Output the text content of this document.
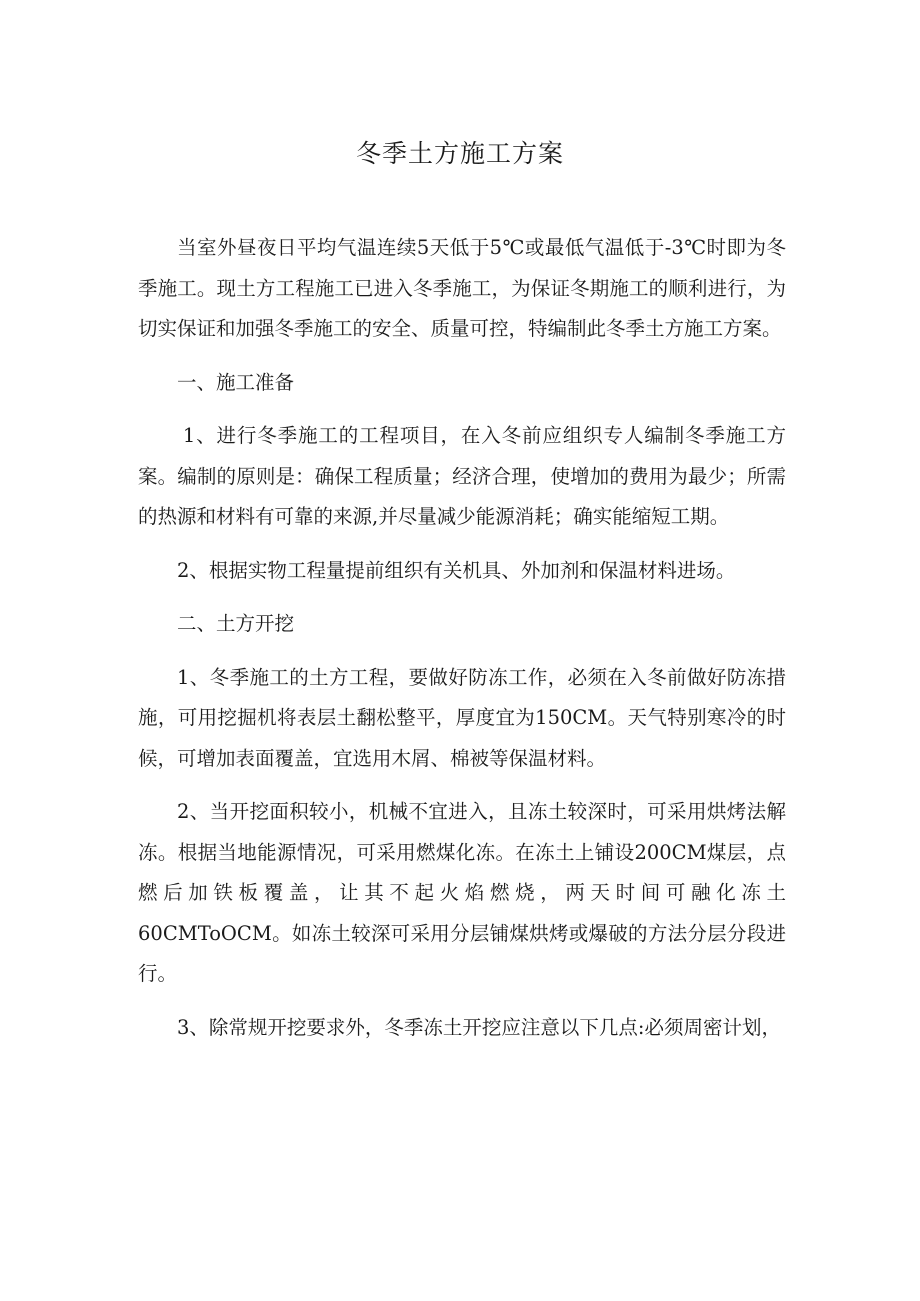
冬季土方施工方案

当室外昼夜日平均气温连续5天低于5℃或最低气温低于-3℃时即为冬季施工。现土方工程施工已进入冬季施工，为保证冬期施工的顺利进行，为切实保证和加强冬季施工的安全、质量可控，特编制此冬季土方施工方案。

一、施工准备

1、进行冬季施工的工程项目，在入冬前应组织专人编制冬季施工方案。编制的原则是：确保工程质量；经济合理，使增加的费用为最少；所需的热源和材料有可靠的来源,并尽量减少能源消耗；确实能缩短工期。

2、根据实物工程量提前组织有关机具、外加剂和保温材料进场。

二、土方开挖

1、冬季施工的土方工程，要做好防冻工作，必须在入冬前做好防冻措施，可用挖掘机将表层土翻松整平，厚度宜为150CM。天气特别寒冷的时候，可增加表面覆盖，宜选用木屑、棉被等保温材料。

2、当开挖面积较小，机械不宜进入，且冻土较深时，可采用烘烤法解冻。根据当地能源情况，可采用燃煤化冻。在冻土上铺设200CM煤层，点燃后加铁板覆盖，让其不起火焰燃烧，两天时间可融化冻土60CMToOCM。如冻土较深可采用分层铺煤烘烤或爆破的方法分层分段进行。

3、除常规开挖要求外，冬季冻土开挖应注意以下几点:必须周密计划，
